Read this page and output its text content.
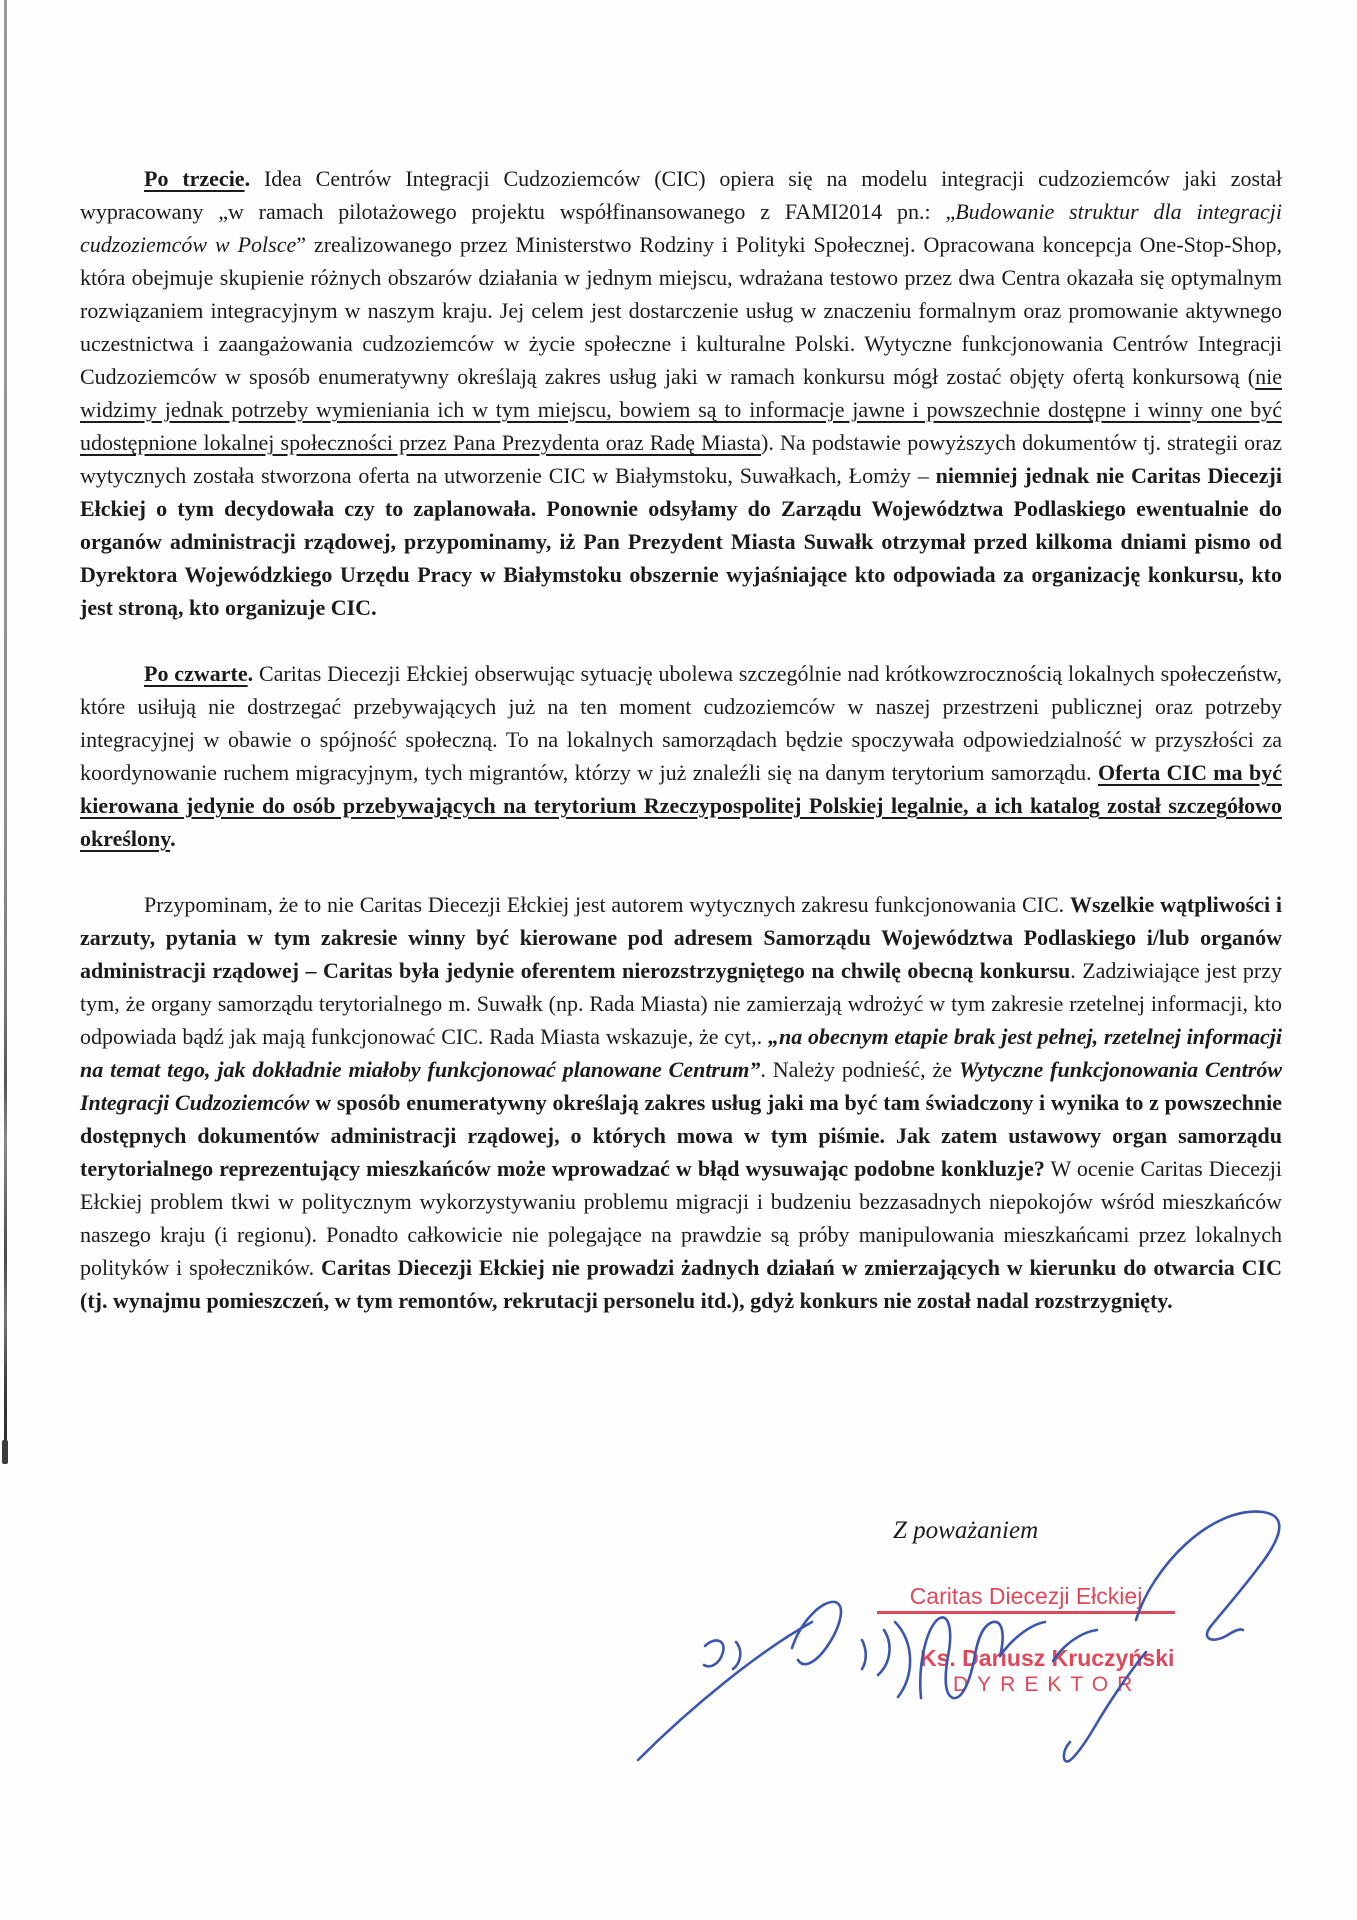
Po trzecie. Idea Centrów Integracji Cudzoziemców (CIC) opiera się na modelu integracji cudzoziemców jaki został wypracowany „w ramach pilotażowego projektu współfinansowanego z FAMI2014 pn.: „Budowanie struktur dla integracji cudzoziemców w Polsce” zrealizowanego przez Ministerstwo Rodziny i Polityki Społecznej. Opracowana koncepcja One-Stop-Shop, która obejmuje skupienie różnych obszarów działania w jednym miejscu, wdrażana testowo przez dwa Centra okazała się optymalnym rozwiązaniem integracyjnym w naszym kraju. Jej celem jest dostarczenie usług w znaczeniu formalnym oraz promowanie aktywnego uczestnictwa i zaangażowania cudzoziemców w życie społeczne i kulturalne Polski. Wytyczne funkcjonowania Centrów Integracji Cudzoziemców w sposób enumeratywny określają zakres usług jaki w ramach konkursu mógł zostać objęty ofertą konkursową (nie widzimy jednak potrzeby wymieniania ich w tym miejscu, bowiem są to informacje jawne i powszechnie dostępne i winny one być udostępnione lokalnej społeczności przez Pana Prezydenta oraz Radę Miasta). Na podstawie powyższych dokumentów tj. strategii oraz wytycznych została stworzona oferta na utworzenie CIC w Białymstoku, Suwałkach, Łomży – niemniej jednak nie Caritas Diecezji Ełckiej o tym decydowała czy to zaplanowała. Ponownie odsyłamy do Zarządu Województwa Podlaskiego ewentualnie do organów administracji rządowej, przypominamy, iż Pan Prezydent Miasta Suwałk otrzymał przed kilkoma dniami pismo od Dyrektora Wojewódzkiego Urzędu Pracy w Białymstoku obszernie wyjaśniające kto odpowiada za organizację konkursu, kto jest stroną, kto organizuje CIC.

Po czwarte. Caritas Diecezji Ełckiej obserwując sytuację ubolewa szczególnie nad krótkowzrocznością lokalnych społeczeństw, które usiłują nie dostrzegać przebywających już na ten moment cudzoziemców w naszej przestrzeni publicznej oraz potrzeby integracyjnej w obawie o spójność społeczną. To na lokalnych samorządach będzie spoczywała odpowiedzialność w przyszłości za koordynowanie ruchem migracyjnym, tych migrantów, którzy w już znaleźli się na danym terytorium samorządu. Oferta CIC ma być kierowana jedynie do osób przebywających na terytorium Rzeczypospolitej Polskiej legalnie, a ich katalog został szczegółowo określony.

Przypominam, że to nie Caritas Diecezji Ełckiej jest autorem wytycznych zakresu funkcjonowania CIC. Wszelkie wątpliwości i zarzuty, pytania w tym zakresie winny być kierowane pod adresem Samorządu Województwa Podlaskiego i/lub organów administracji rządowej – Caritas była jedynie oferentem nierozstrzygniętego na chwilę obecną konkursu. Zadziwiające jest przy tym, że organy samorządu terytorialnego m. Suwałk (np. Rada Miasta) nie zamierzają wdrożyć w tym zakresie rzetelnej informacji, kto odpowiada bądź jak mają funkcjonować CIC. Rada Miasta wskazuje, że cyt,. „na obecnym etapie brak jest pełnej, rzetelnej informacji na temat tego, jak dokładnie miałoby funkcjonować planowane Centrum”. Należy podnieść, że Wytyczne funkcjonowania Centrów Integracji Cudzoziemców w sposób enumeratywny określają zakres usług jaki ma być tam świadczony i wynika to z powszechnie dostępnych dokumentów administracji rządowej, o których mowa w tym piśmie. Jak zatem ustawowy organ samorządu terytorialnego reprezentujący mieszkańców może wprowadzać w błąd wysuwając podobne konkluzje? W ocenie Caritas Diecezji Ełckiej problem tkwi w politycznym wykorzystywaniu problemu migracji i budzeniu bezzasadnych niepokojów wśród mieszkańców naszego kraju (i regionu). Ponadto całkowicie nie polegające na prawdzie są próby manipulowania mieszkańcami przez lokalnych polityków i społeczników. Caritas Diecezji Ełckiej nie prowadzi żadnych działań w zmierzających w kierunku do otwarcia CIC (tj. wynajmu pomieszczeń, w tym remontów, rekrutacji personelu itd.), gdyż konkurs nie został nadal rozstrzygnięty.

Z poważaniem
Caritas Diecezji Ełckiej
Ks. Dariusz Kruczyński
DYREKTOR
